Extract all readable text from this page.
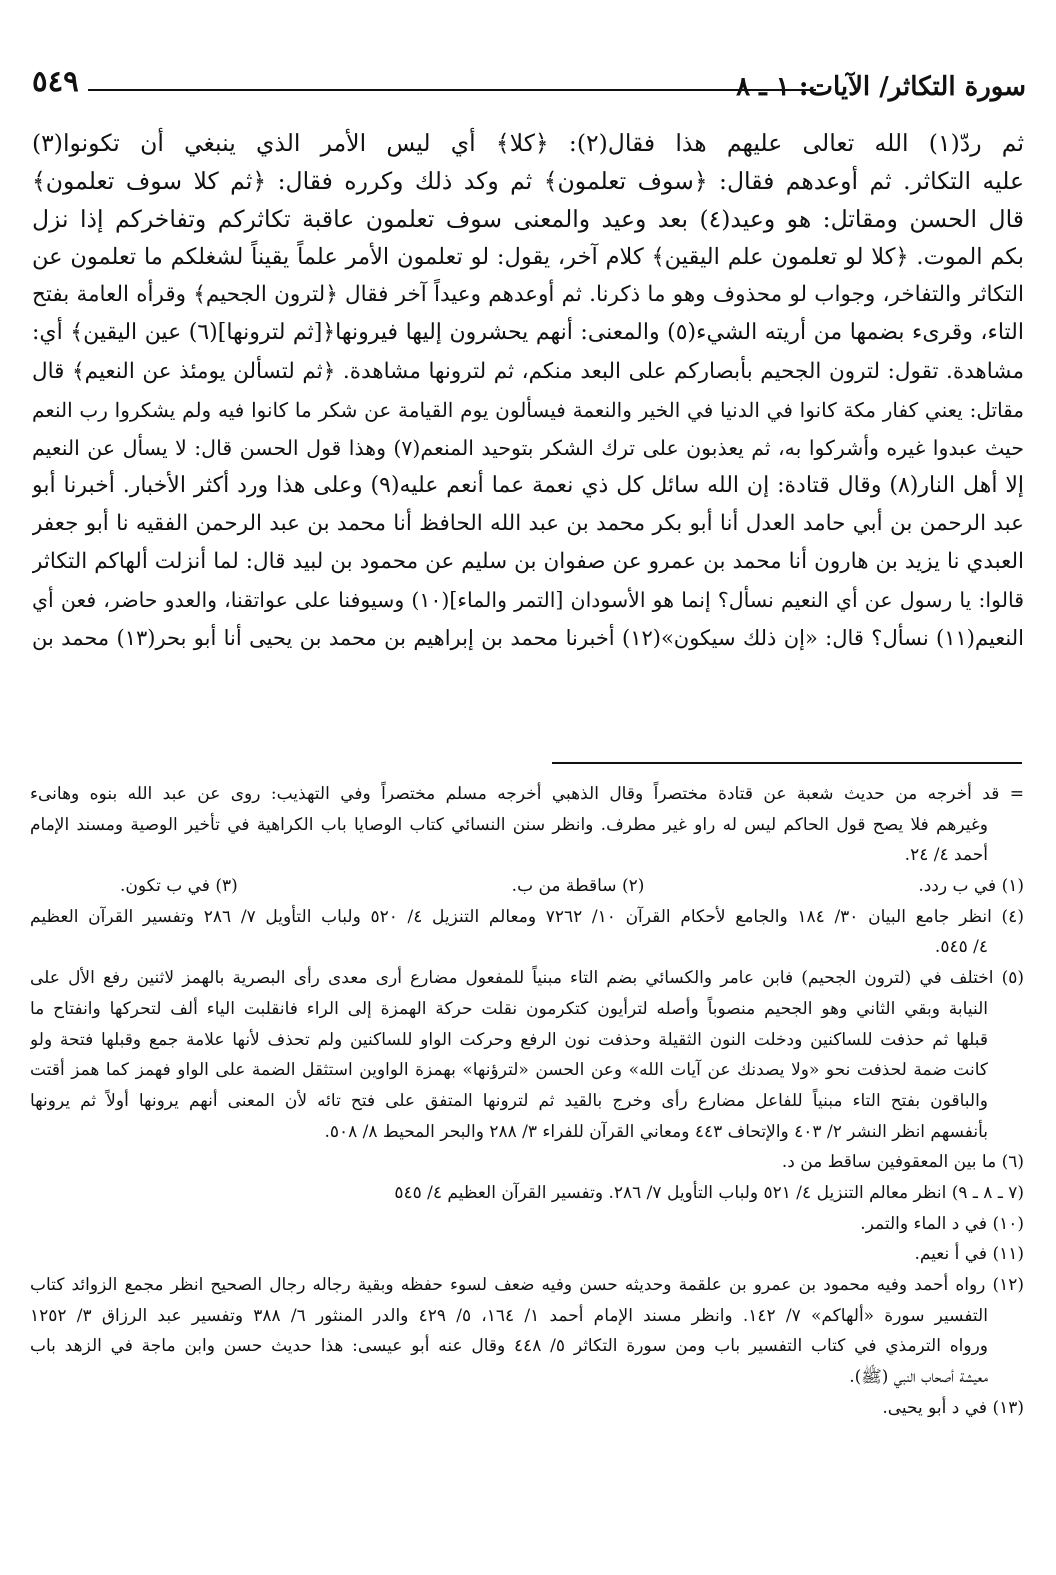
سورة التكاثر/ الآيات: ١ ـ ٨
٥٤٩
ثم ردّ(١) الله تعالى عليهم هذا فقال(٢): ﴿كلا﴾ أي ليس الأمر الذي ينبغي أن تكونوا(٣)
عليه التكاثر. ثم أوعدهم فقال: ﴿سوف تعلمون﴾ ثم وكد ذلك وكرره فقال: ﴿ثم كلا سوف تعلمون﴾
قال الحسن ومقاتل: هو وعيد(٤) بعد وعيد والمعنى سوف تعلمون عاقبة تكاثركم وتفاخركم إذا نزل
بكم الموت. ﴿كلا لو تعلمون علم اليقين﴾ كلام آخر، يقول: لو تعلمون الأمر علماً يقيناً لشغلكم ما تعلمون عن
التكاثر والتفاخر، وجواب لو محذوف وهو ما ذكرنا. ثم أوعدهم وعيداً آخر فقال ﴿لترون الجحيم﴾ وقرأه العامة بفتح
التاء، وقرىء بضمها من أريته الشيء(٥) والمعنى: أنهم يحشرون إليها فيرونها﴿[ثم لترونها](٦) عين اليقين﴾ أي:
مشاهدة. تقول: لترون الجحيم بأبصاركم على البعد منكم، ثم لترونها مشاهدة. ﴿ثم لتسألن يومئذ عن النعيم﴾ قال
مقاتل: يعني كفار مكة كانوا في الدنيا في الخير والنعمة فيسألون يوم القيامة عن شكر ما كانوا فيه ولم يشكروا رب النعم
حيث عبدوا غيره وأشركوا به، ثم يعذبون على ترك الشكر بتوحيد المنعم(٧) وهذا قول الحسن قال: لا يسأل عن النعيم
إلا أهل النار(٨) وقال قتادة: إن الله سائل كل ذي نعمة عما أنعم عليه(٩) وعلى هذا ورد أكثر الأخبار. أخبرنا أبو
عبد الرحمن بن أبي حامد العدل أنا أبو بكر محمد بن عبد الله الحافظ أنا محمد بن عبد الرحمن الفقيه نا أبو جعفر
العبدي نا يزيد بن هارون أنا محمد بن عمرو عن صفوان بن سليم عن محمود بن لبيد قال: لما أنزلت ألهاكم التكاثر
قالوا: يا رسول عن أي النعيم نسأل؟ إنما هو الأسودان [التمر والماء](١٠) وسيوفنا على عواتقنا، والعدو حاضر، فعن أي
النعيم(١١) نسأل؟ قال: «إن ذلك سيكون»(١٢) أخبرنا محمد بن إبراهيم بن محمد بن يحيى أنا أبو بحر(١٣) محمد بن
= قد أخرجه من حديث شعبة عن قتادة مختصراً وقال الذهبي أخرجه مسلم مختصراً وفي التهذيب: روى عن عبد الله بنوه وهانىء
وغيرهم فلا يصح قول الحاكم ليس له راو غير مطرف. وانظر سنن النسائي كتاب الوصايا باب الكراهية في تأخير الوصية ومسند الإمام
أحمد ٤/ ٢٤.
(١) في ب ردد.
(٢) ساقطة من ب.
(٣) في ب تكون.
(٤) انظر جامع البيان ٣٠/ ١٨٤ والجامع لأحكام القرآن ١٠/ ٧٢٦٢ ومعالم التنزيل ٤/ ٥٢٠ ولباب التأويل ٧/ ٢٨٦ وتفسير القرآن العظيم
٤/ ٥٤٥.
(٥) اختلف في (لترون الجحيم) فابن عامر والكسائي بضم التاء مبنياً للمفعول مضارع أرى معدى رأى البصرية بالهمز لاثنين رفع الأل على
النيابة وبقي الثاني وهو الجحيم منصوباً وأصله لترأيون كتكرمون نقلت حركة الهمزة إلى الراء فانقلبت الياء ألف لتحركها وانفتاح ما
قبلها ثم حذفت للساكنين ودخلت النون الثقيلة وحذفت نون الرفع وحركت الواو للساكنين ولم تحذف لأنها علامة جمع وقبلها فتحة ولو
كانت ضمة لحذفت نحو «ولا يصدنك عن آيات الله» وعن الحسن «لترؤنها» بهمزة الواوين استثقل الضمة على الواو فهمز كما همز أقتت
والباقون بفتح التاء مبنياً للفاعل مضارع رأى وخرج بالقيد ثم لترونها المتفق على فتح تائه لأن المعنى أنهم يرونها أولاً ثم يرونها
بأنفسهم انظر النشر ٢/ ٤٠٣ والإتحاف ٤٤٣ ومعاني القرآن للفراء ٣/ ٢٨٨ والبحر المحيط ٨/ ٥٠٨.
(٦) ما بين المعقوفين ساقط من د.
(٧ ـ ٨ ـ ٩) انظر معالم التنزيل ٤/ ٥٢١ ولباب التأويل ٧/ ٢٨٦. وتفسير القرآن العظيم ٤/ ٥٤٥
(١٠) في د الماء والتمر.
(١١) في أ نعيم.
(١٢) رواه أحمد وفيه محمود بن عمرو بن علقمة وحديثه حسن وفيه ضعف لسوء حفظه وبقية رجاله رجال الصحيح انظر مجمع الزوائد كتاب
التفسير سورة «ألهاكم» ٧/ ١٤٢. وانظر مسند الإمام أحمد ١/ ١٦٤، ٥/ ٤٢٩ والدر المنثور ٦/ ٣٨٨ وتفسير عبد الرزاق ٣/ ١٢٥٢
ورواه الترمذي في كتاب التفسير باب ومن سورة التكاثر ٥/ ٤٤٨ وقال عنه أبو عيسى: هذا حديث حسن وابن ماجة في الزهد باب
معيشة أصحاب النبي (ﷺ).
(١٣) في د أبو يحيى.
